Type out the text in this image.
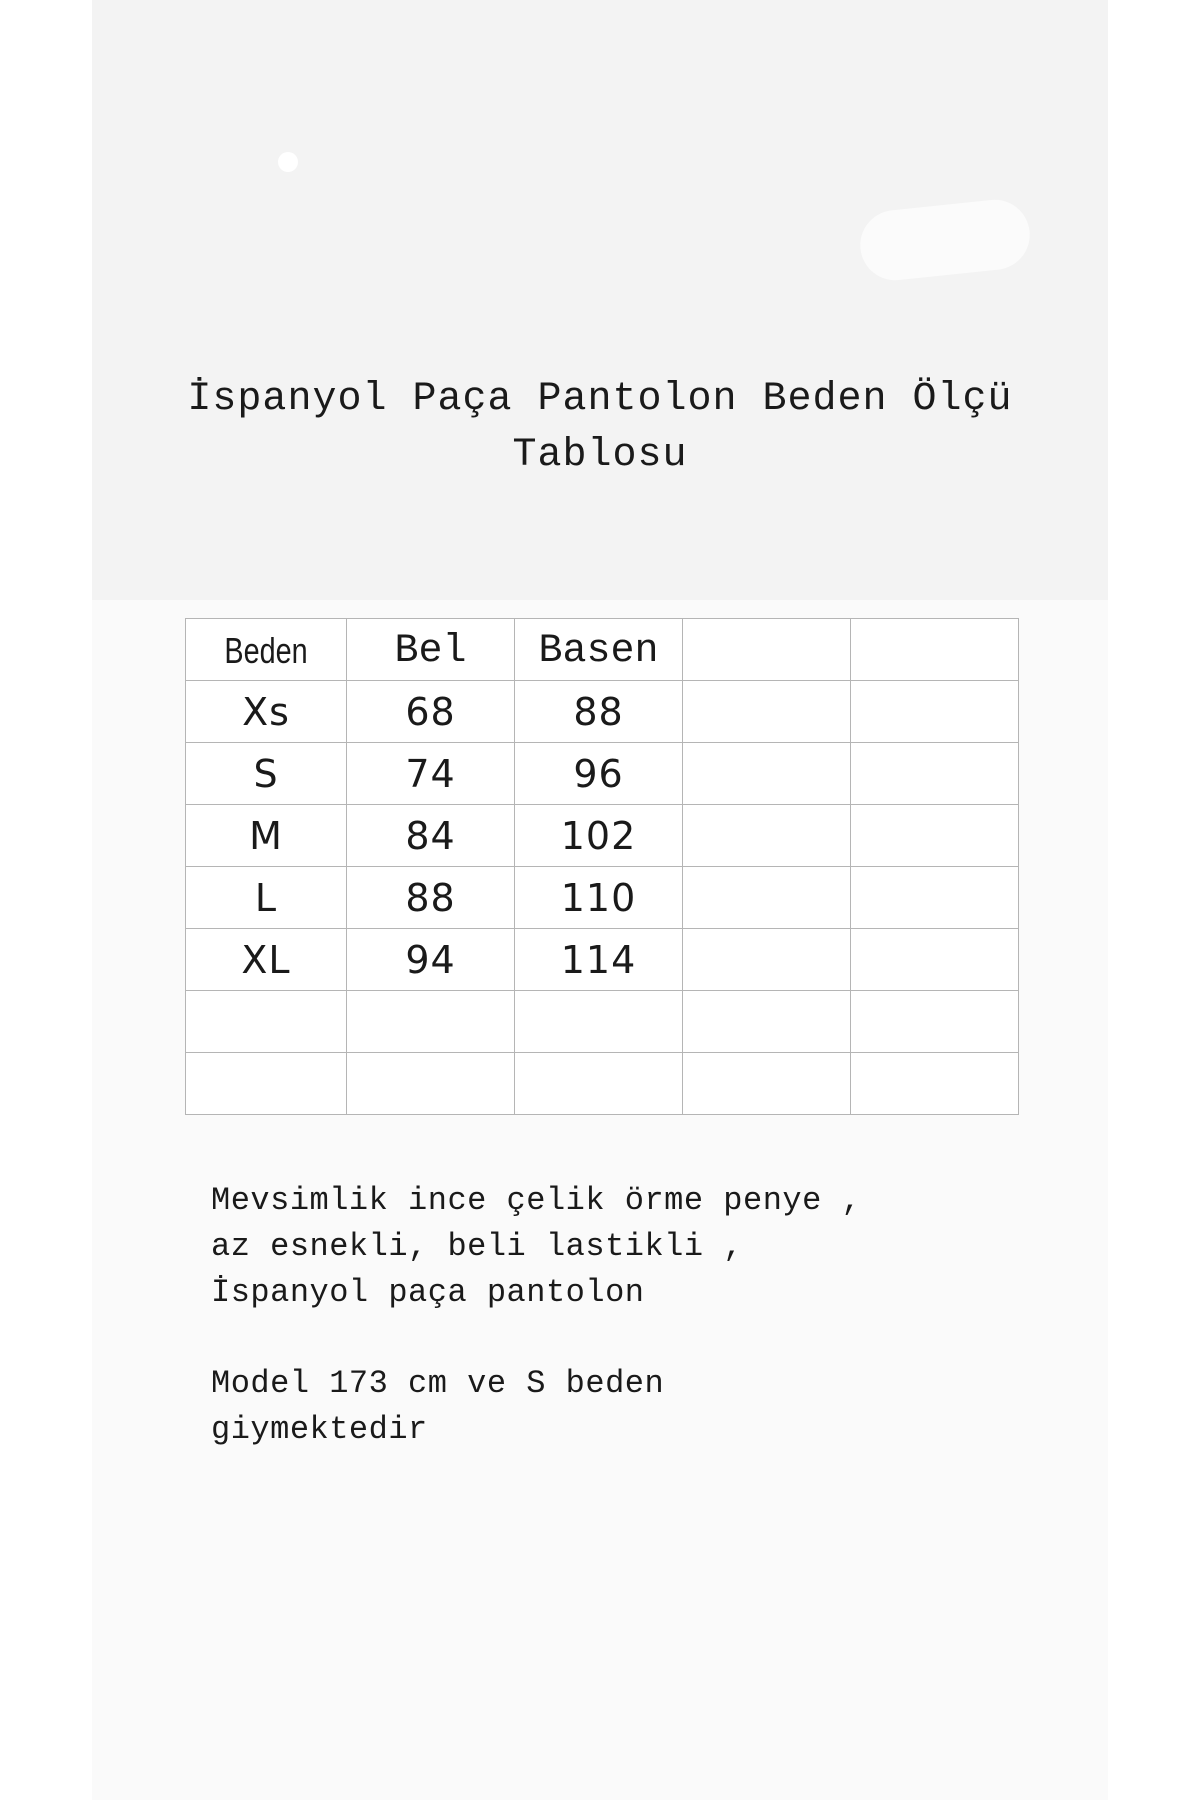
İspanyol Paça Pantolon Beden Ölçü
Tablosu
Beden	Bel	Basen		
Xs	68	88		
S	74	96		
M	84	102		
L	88	110		
XL	94	114		

Mevsimlik ince çelik örme penye ,

az esnekli, beli lastikli ,

İspanyol paça pantolon

Model 173 cm ve S beden

giymektedir
